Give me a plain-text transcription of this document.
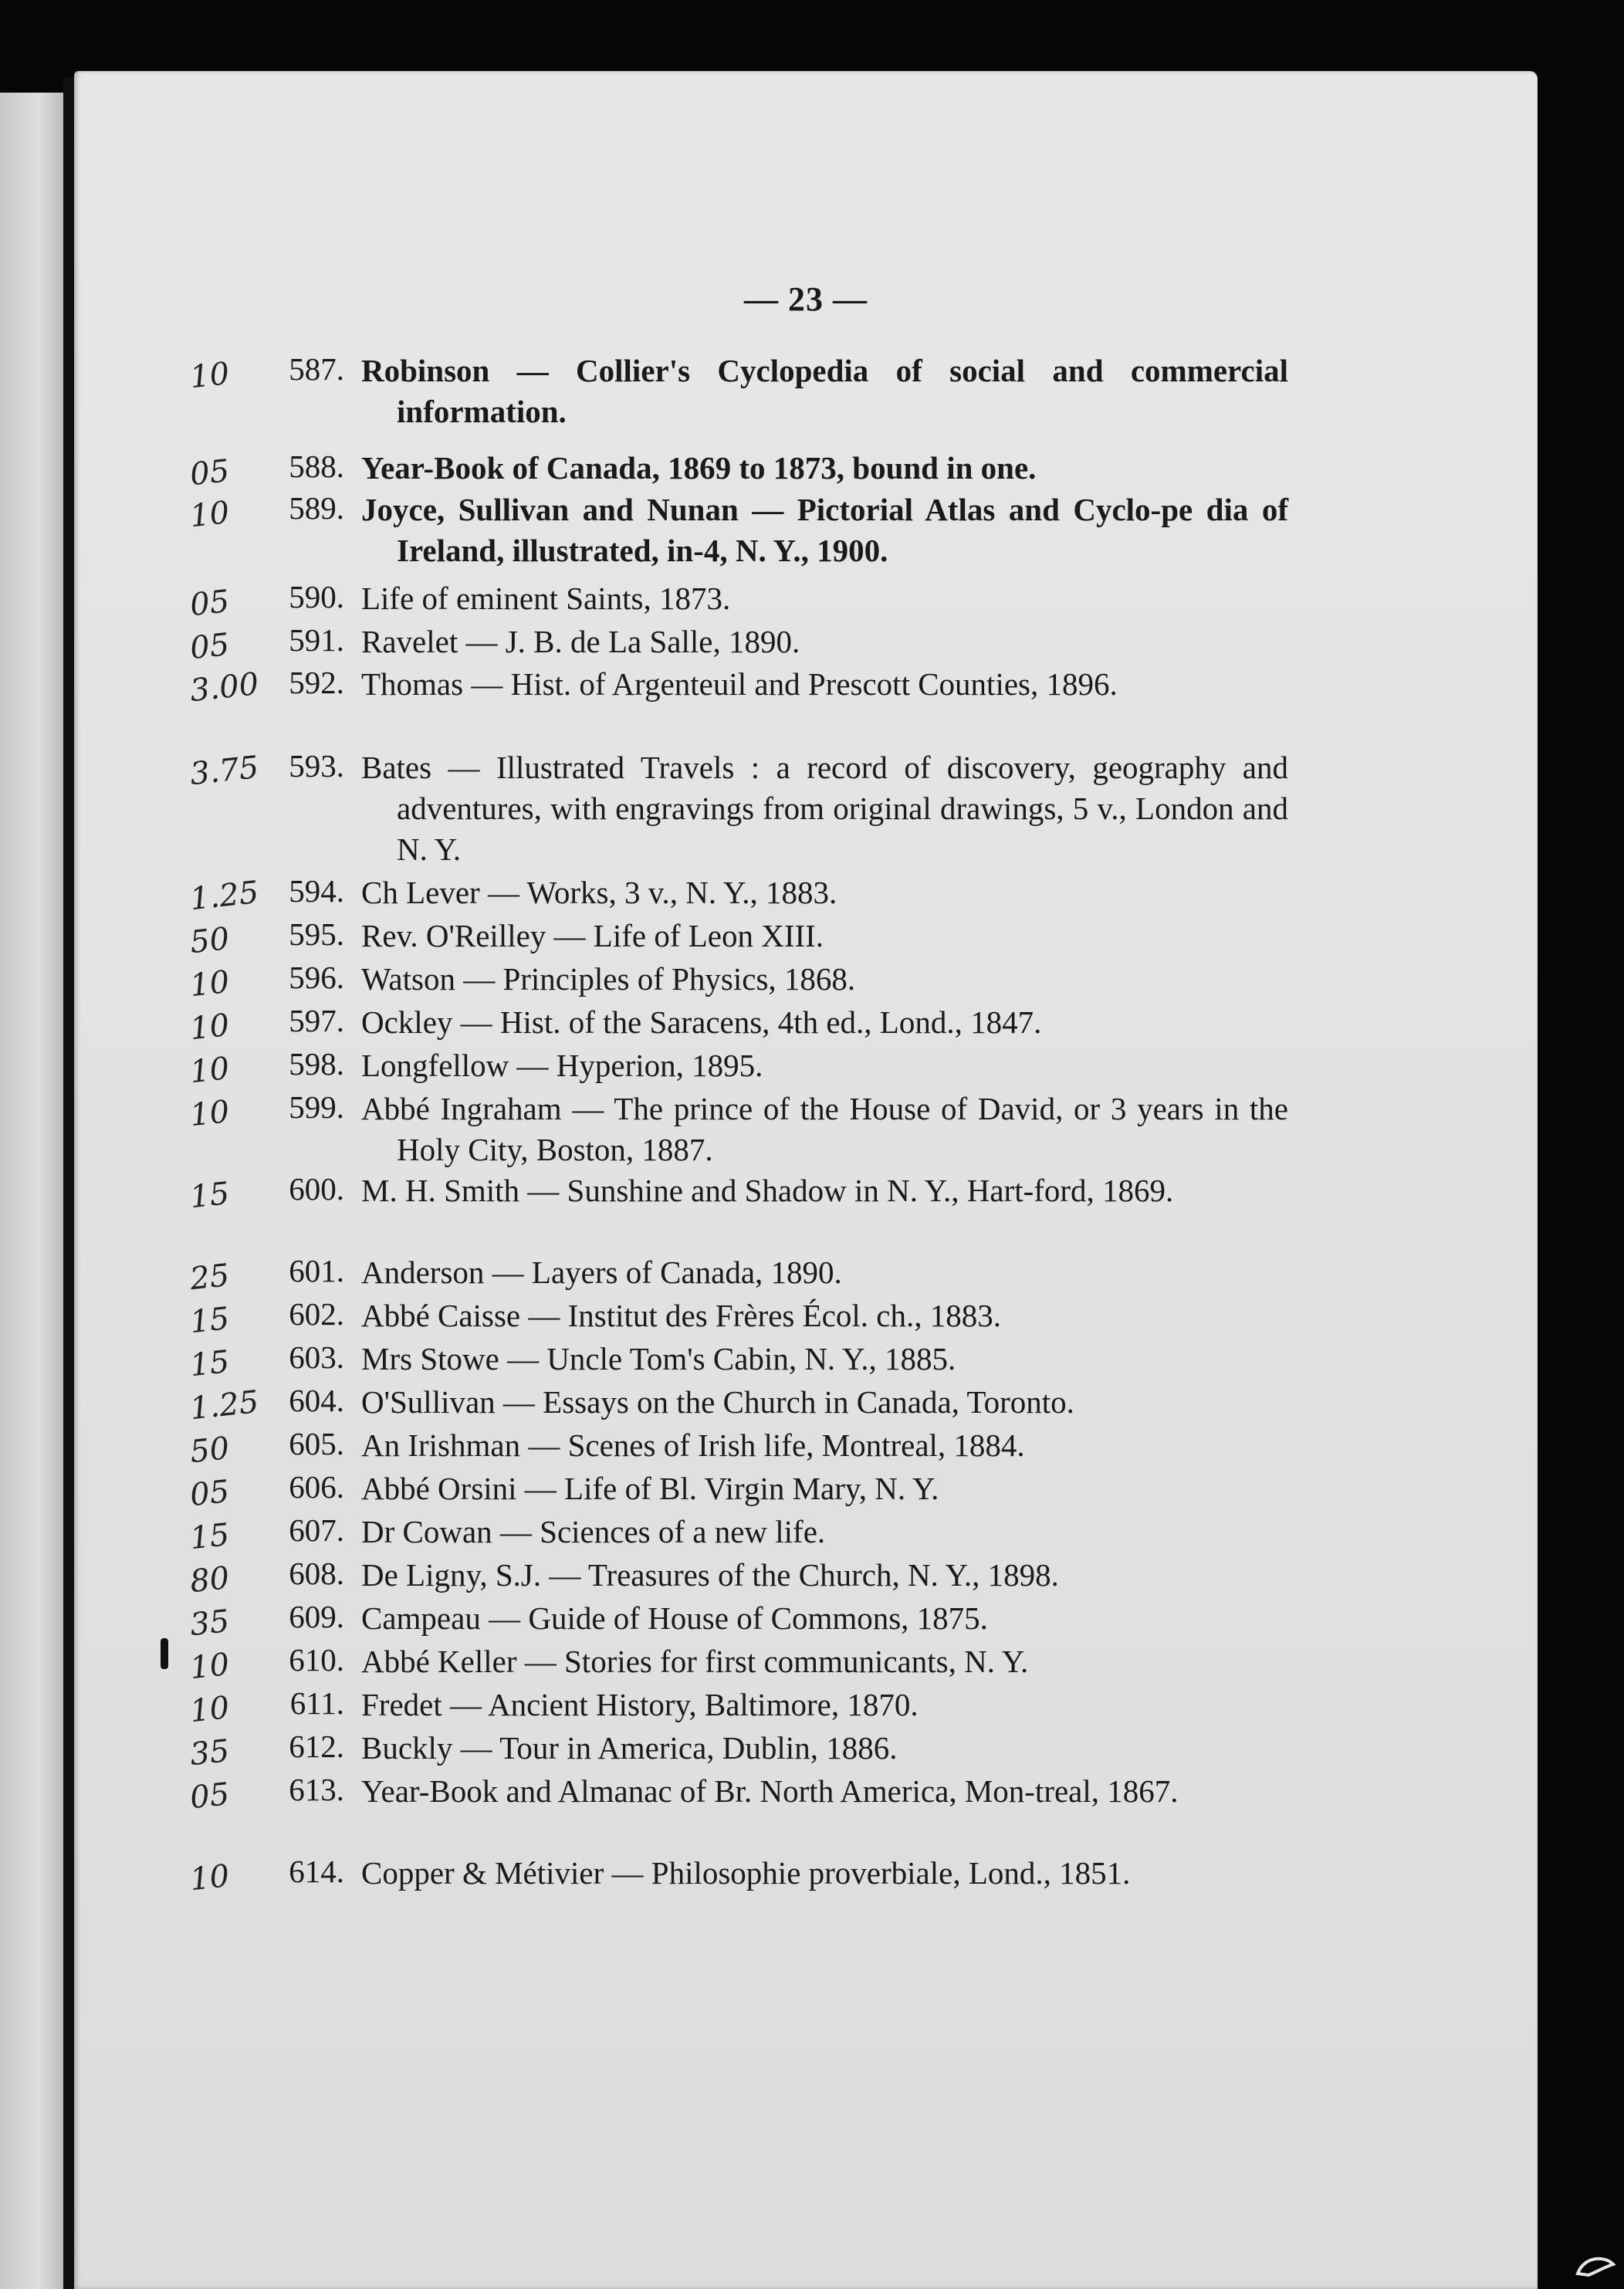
— 23 —
10	587. Robinson — Collier's Cyclopedia of social and commercial information.
05	588. Year-Book of Canada, 1869 to 1873, bound in one.
10	589. Joyce, Sullivan and Nunan — Pictorial Atlas and Cyclo-pe dia of Ireland, illustrated, in-4, N. Y., 1900.
05	590. Life of eminent Saints, 1873.
05	591. Ravelet — J. B. de La Salle, 1890.
3.00 592. Thomas — Hist. of Argenteuil and Prescott Counties, 1896.
3.75 593. Bates — Illustrated Travels : a record of discovery, geography and adventures, with engravings from original drawings, 5 v., London and N. Y.
1.25 594. Ch Lever — Works, 3 v., N. Y., 1883.
50	595. Rev. O'Reilley — Life of Leon XIII.
10	596. Watson — Principles of Physics, 1868.
10	597. Ockley — Hist. of the Saracens, 4th ed., Lond., 1847.
10	598. Longfellow — Hyperion, 1895.
10	599. Abbé Ingraham — The prince of the House of David, or 3 years in the Holy City, Boston, 1887.
15	600. M. H. Smith — Sunshine and Shadow in N. Y., Hart-ford, 1869.
25	601. Anderson — Layers of Canada, 1890.
15	602. Abbé Caisse — Institut des Frères Écol. ch., 1883.
15	603. Mrs Stowe — Uncle Tom's Cabin, N. Y., 1885.
1.25 604. O'Sullivan — Essays on the Church in Canada, Toronto.
50	605. An Irishman — Scenes of Irish life, Montreal, 1884.
05	606. Abbé Orsini — Life of Bl. Virgin Mary, N. Y.
15	607. Dr Cowan — Sciences of a new life.
80	608. De Ligny, S.J. — Treasures of the Church, N. Y., 1898.
35	609. Campeau — Guide of House of Commons, 1875.
10	610. Abbé Keller — Stories for first communicants, N. Y.
10	611. Fredet — Ancient History, Baltimore, 1870.
35	612. Buckly — Tour in America, Dublin, 1886.
05	613. Year-Book and Almanac of Br. North America, Mon-treal, 1867.
10	614. Copper & Métivier — Philosophie proverbiale, Lond., 1851.
